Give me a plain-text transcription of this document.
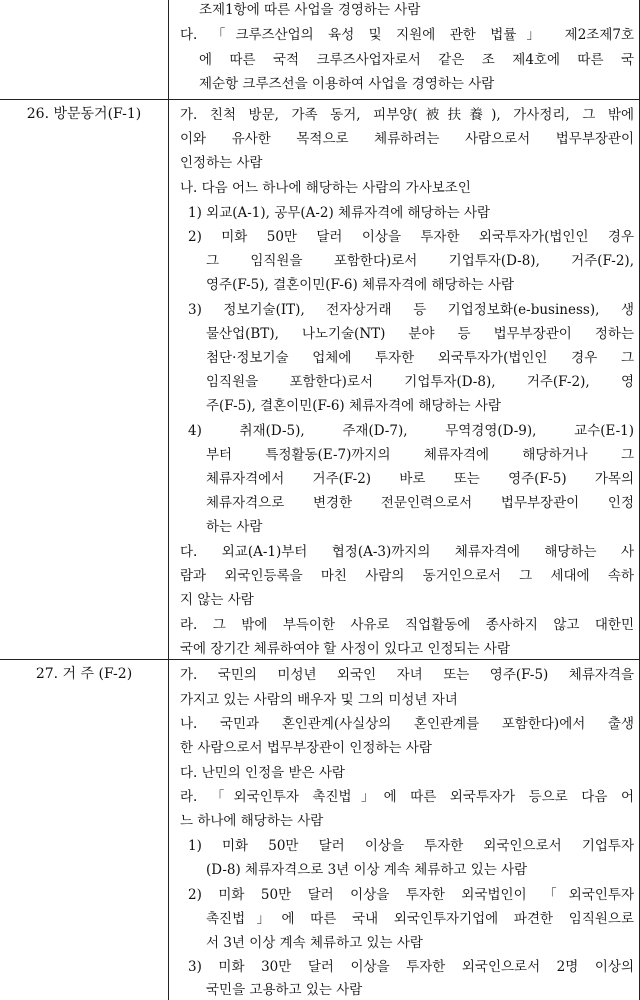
조제1항에 따른 사업을 경영하는 사람
다. 「크루즈산업의 육성 및 지원에 관한 법률」 제2조제7호
에 따른 국적 크루즈사업자로서 같은 조 제4호에 따른 국
제순항 크루즈선을 이용하여 사업을 경영하는 사람
26. 방문동거(F-1)	가. 친척 방문, 가족 동거, 피부양(被扶養), 가사정리, 그 밖에
이와 유사한 목적으로 체류하려는 사람으로서 법무부장관이
인정하는 사람
나. 다음 어느 하나에 해당하는 사람의 가사보조인
1) 외교(A-1), 공무(A-2) 체류자격에 해당하는 사람
2) 미화 50만 달러 이상을 투자한 외국투자가(법인인 경우
그 임직원을 포함한다)로서 기업투자(D-8), 거주(F-2),
영주(F-5), 결혼이민(F-6) 체류자격에 해당하는 사람
3) 정보기술(IT), 전자상거래 등 기업정보화(e-business), 생
물산업(BT), 나노기술(NT) 분야 등 법무부장관이 정하는
첨단·정보기술 업체에 투자한 외국투자가(법인인 경우 그
임직원을 포함한다)로서 기업투자(D-8), 거주(F-2), 영
주(F-5), 결혼이민(F-6) 체류자격에 해당하는 사람
4) 취재(D-5), 주재(D-7), 무역경영(D-9), 교수(E-1)
부터 특정활동(E-7)까지의 체류자격에 해당하거나 그
체류자격에서 거주(F-2) 바로 또는 영주(F-5) 가목의
체류자격으로 변경한 전문인력으로서 법무부장관이 인정
하는 사람
다. 외교(A-1)부터 협정(A-3)까지의 체류자격에 해당하는 사
람과 외국인등록을 마친 사람의 동거인으로서 그 세대에 속하
지 않는 사람
라. 그 밖에 부득이한 사유로 직업활동에 종사하지 않고 대한민
국에 장기간 체류하여야 할 사정이 있다고 인정되는 사람
27. 거 주 (F-2)	가. 국민의 미성년 외국인 자녀 또는 영주(F-5) 체류자격을
가지고 있는 사람의 배우자 및 그의 미성년 자녀
나. 국민과 혼인관계(사실상의 혼인관계를 포함한다)에서 출생
한 사람으로서 법무부장관이 인정하는 사람
다. 난민의 인정을 받은 사람
라. 「외국인투자 촉진법」에 따른 외국투자가 등으로 다음 어
느 하나에 해당하는 사람
1) 미화 50만 달러 이상을 투자한 외국인으로서 기업투자
(D-8) 체류자격으로 3년 이상 계속 체류하고 있는 사람
2) 미화 50만 달러 이상을 투자한 외국법인이 「외국인투자
촉진법」에 따른 국내 외국인투자기업에 파견한 임직원으로
서 3년 이상 계속 체류하고 있는 사람
3) 미화 30만 달러 이상을 투자한 외국인으로서 2명 이상의
국민을 고용하고 있는 사람
